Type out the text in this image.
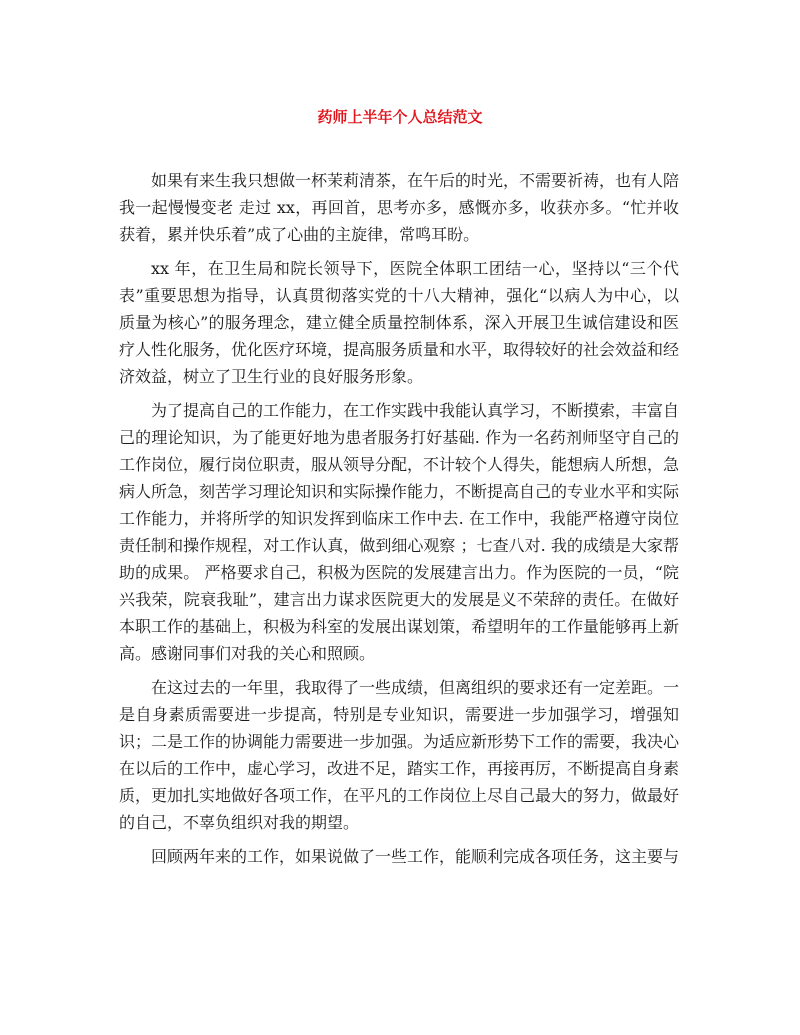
药师上半年个人总结范文

如果有来生我只想做一杯茉莉清茶，在午后的时光，不需要祈祷，也有人陪我一起慢慢变老 走过 xx，再回首，思考亦多，感慨亦多，收获亦多。“忙并收获着，累并快乐着”成了心曲的主旋律，常鸣耳盼。

xx 年，在卫生局和院长领导下，医院全体职工团结一心，坚持以“三个代表”重要思想为指导，认真贯彻落实党的十八大精神，强化“以病人为中心，以质量为核心”的服务理念，建立健全质量控制体系，深入开展卫生诚信建设和医疗人性化服务，优化医疗环境，提高服务质量和水平，取得较好的社会效益和经济效益，树立了卫生行业的良好服务形象。

为了提高自己的工作能力，在工作实践中我能认真学习，不断摸索，丰富自己的理论知识，为了能更好地为患者服务打好基础. 作为一名药剂师坚守自己的工作岗位，履行岗位职责，服从领导分配，不计较个人得失，能想病人所想，急病人所急，刻苦学习理论知识和实际操作能力，不断提高自己的专业水平和实际工作能力，并将所学的知识发挥到临床工作中去. 在工作中，我能严格遵守岗位责任制和操作规程，对工作认真，做到细心观察 ；七查八对. 我的成绩是大家帮助的成果。 严格要求自己，积极为医院的发展建言出力。作为医院的一员，“院兴我荣，院衰我耻”，建言出力谋求医院更大的发展是义不荣辞的责任。在做好本职工作的基础上，积极为科室的发展出谋划策，希望明年的工作量能够再上新高。感谢同事们对我的关心和照顾。

在这过去的一年里，我取得了一些成绩，但离组织的要求还有一定差距。一是自身素质需要进一步提高，特别是专业知识，需要进一步加强学习，增强知识；二是工作的协调能力需要进一步加强。为适应新形势下工作的需要，我决心在以后的工作中，虚心学习，改进不足，踏实工作，再接再厉，不断提高自身素质，更加扎实地做好各项工作，在平凡的工作岗位上尽自己最大的努力，做最好的自己，不辜负组织对我的期望。

回顾两年来的工作，如果说做了一些工作，能顺利完成各项任务，这主要与
